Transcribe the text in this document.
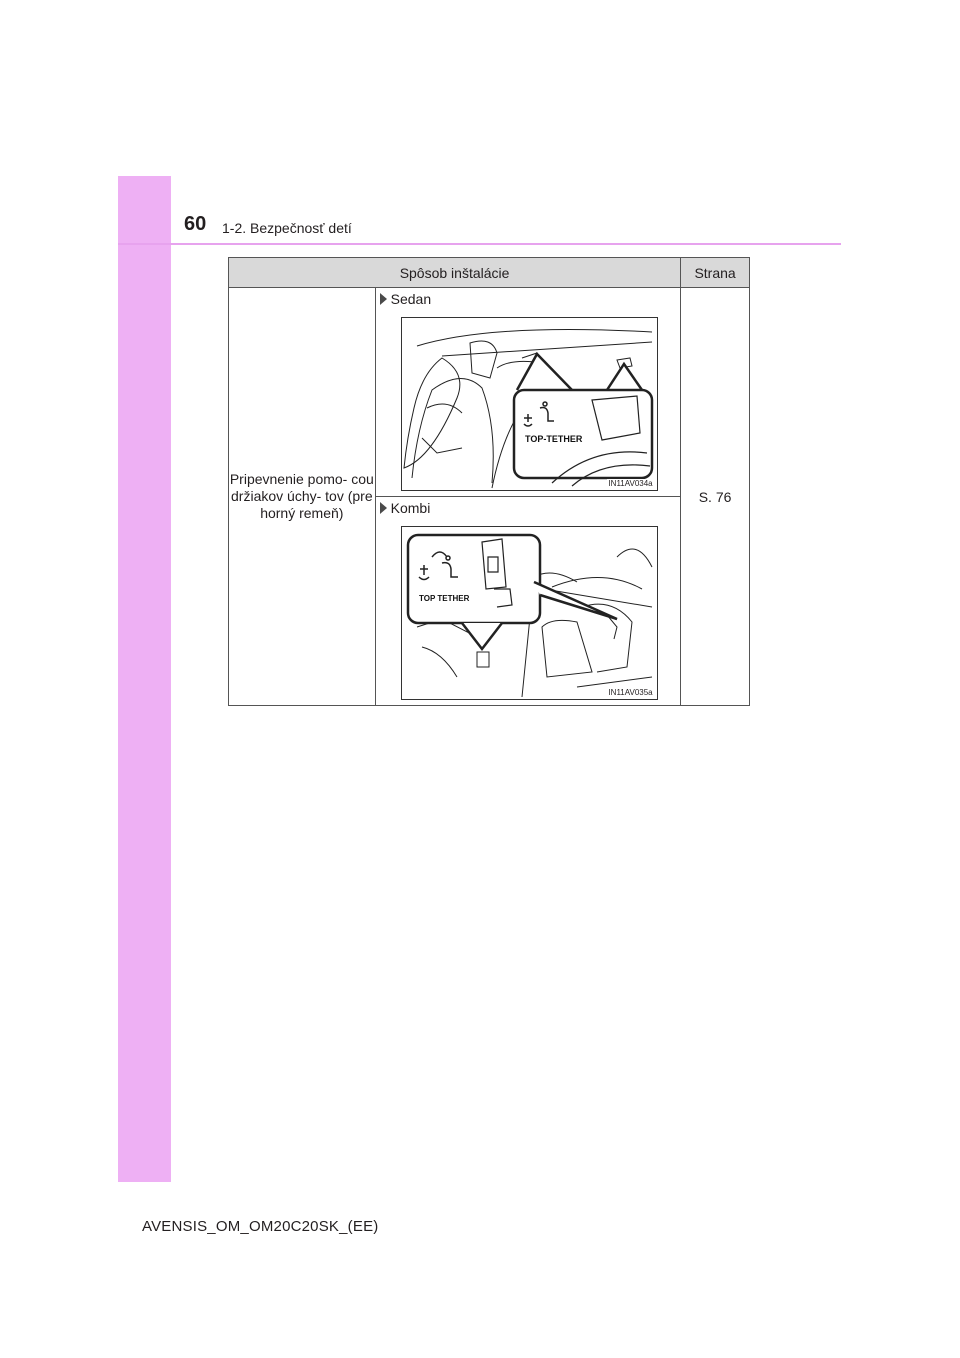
60 1-2. Bezpečnosť detí
Spôsob inštalácie		Strana
Pripevnenie pomo- cou držiakov úchy- tov (pre horný remeň)	Sedan
TOP-TETHER
IN11AV034a	S. 76

	Kombi
TOP TETHER
IN11AV035a	
AVENSIS_OM_OM20C20SK_(EE)
